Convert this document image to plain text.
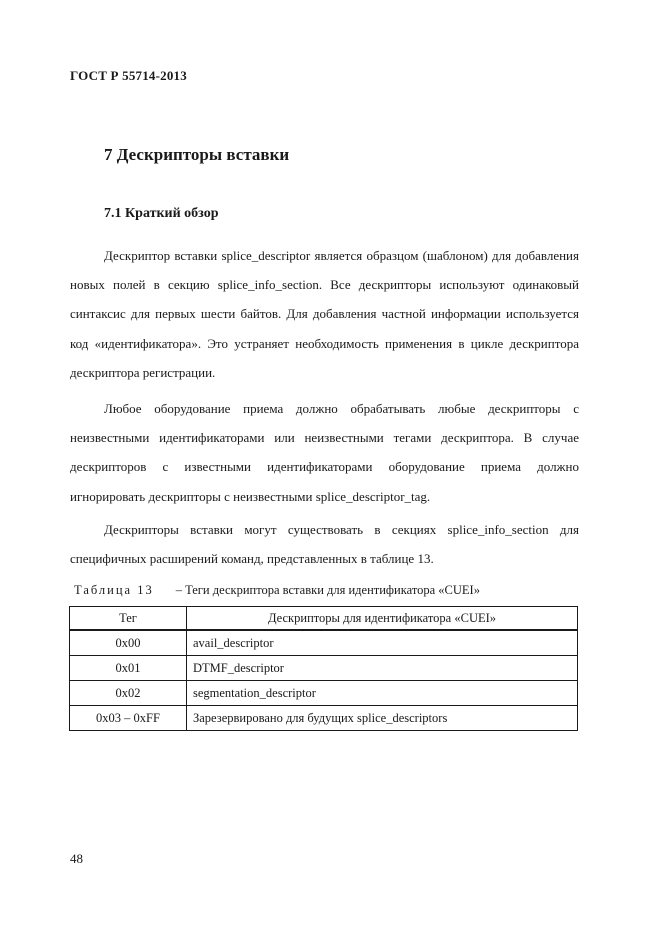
ГОСТ Р 55714-2013
7 Дескрипторы вставки
7.1 Краткий обзор

Дескриптор вставки splice_descriptor является образцом (шаблоном) для добавления новых полей в секцию splice_info_section. Все дескрипторы используют одинаковый синтаксис для первых шести байтов. Для добавления частной информации используется код «идентификатора». Это устраняет необходимость применения в цикле дескриптора дескриптора регистрации.

Любое оборудование приема должно обрабатывать любые дескрипторы с неизвестными идентификаторами или неизвестными тегами дескриптора. В случае дескрипторов с известными идентификаторами оборудование приема должно игнорировать дескрипторы с неизвестными splice_descriptor_tag.

Дескрипторы вставки могут существовать в секциях splice_info_section для специфичных расширений команд, представленных в таблице 13.

Таблица 13 – Теги дескриптора вставки для идентификатора «CUEI»
Тег	Дескрипторы для идентификатора «CUEI»
0x00	avail_descriptor
0x01	DTMF_descriptor
0x02	segmentation_descriptor
0x03 – 0xFF	Зарезервировано для будущих splice_descriptors
48
